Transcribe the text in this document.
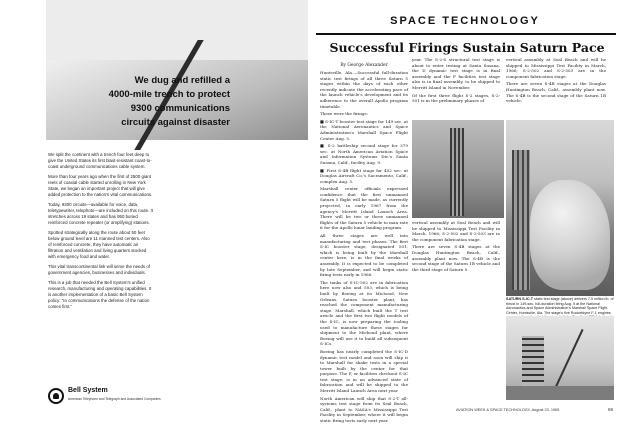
We dug and refilled a
4000-mile trench to protect
9300 communications
circuits against disaster

We split the continent with a trench four feet deep to give the United States its first blast-resistant coast-to-coast underground communications cable system.

More than four years ago when the first of 2500 giant reels of coaxial cable started unrolling in New York State, we began an important project that will give added protection to the nation's vital communications.

Today, 9300 circuits—available for voice, data, teletypewriter, telephoto—are included on this route. It stretches across 19 states and has 950 buried reinforced concrete repeater (or amplifying) stations.

Spotted strategically along the route about 50 feet below ground level are 11 manned test centers. Also of reinforced concrete, they have automatic air filtration and ventilation and living quarters stocked with emergency food and water.

This vital transcontinental link will serve the needs of government agencies, businesses and individuals.

This is a job that needed the Bell System's unified research, manufacturing and operating capabilities. It is another implementation of a basic Bell System policy: "In communications the defense of the nation comes first."

Bell System
American Telephone and Telegraph and Associated Companies
SPACE TECHNOLOGY
Successful Firings Sustain Saturn Pace
By George Alexander

Huntsville, Ala.—Successful full-duration static test firings of all three Saturn 5 stages within the days of each other recently indicate the accelerating pace of the launch vehicle's development and its adherence to the overall Apollo program timetable.

These were the firings:

■ S-IC-T booster test stage for 149 sec. at the National Aeronautics and Space Administration's Marshall Space Flight Center Aug. 5.

■ S-2 battleship second stage for 379 sec. at North American Aviation Space and Information Systems Div.'s Santa Susana, Calif., facility Aug. 9.

■ First S-4B flight stage for 452 sec. at Douglas Aircraft Co.'s Sacramento, Calif., complex Aug. 5.

Marshall center officials expressed confidence that the first unmanned Saturn 5 flight will be made, as currently projected, in early 1967 from the agency's Merritt Island Launch Area. There will be two or three unmanned flights of the Saturn 5 vehicle to man rate it for the Apollo lunar landing program.

All three stages are well into manufacturing and test phases. The first S-IC booster stage, designated 501, which is being built by the Marshall center here, is in the final weeks of assembly. It is expected to be completed by late September, and will begin static firing tests early in 1966.

The tanks of S-IC-502 are in fabrication here now also and 503, which is being built by Boeing at its Michoud, New Orleans, Saturn booster plant, has reached the component manufacturing stage. Marshall, which built the T test article and the first two flight models of the S-IC, is now preparing the tooling used to manufacture these stages for shipment to the Michoud plant, where Boeing will use it to build all subsequent S-ICs.

Boeing has nearly completed the S-IC-D dynamic test model and soon will ship it to Marshall for shake tests in a special tower built by the center for that purpose. The F, or facilities checkout S-IC test stage, is in an advanced state of fabrication and will be shipped to the Merritt Island Launch Area next year.

North American will ship that S-2-T all-systems test stage from its Seal Beach, Calif., plant to NASA's Mississippi Test Facility in September, where it will begin static firing tests early next year.

year. The S-2-S structural test stage is about to enter testing at Santa Susana, the D dynamic test stage is in final assembly and the F facilities test stage also is in final assembly, to be shipped to Merritt Island in November.

Of the first three flight S-2 stages, S-2-501 is in the preliminary phases of

vertical assembly at Seal Beach and will be shipped to Mississippi Test Facility in March, 1966; S-2-502 and S-2-503 are in the component fabrication stage.

There are seven S-4B stages at the Douglas Huntington Beach, Calif., assembly plant now. The S-4B is the second stage of the Saturn 1B vehicle.

vertical assembly at Seal Beach and will be shipped to Mississippi Test Facility in March, 1966; S-2-502 and S-2-503 are in the component fabrication stage.

There are seven S-4B stages at the Douglas Huntington Beach, Calif., assembly plant now. The S-4B is the second stage of the Saturn 1B vehicle and the third stage of Saturn 5.

SATURN S-IC-T static test stage (above) delivers 7.5 million lb. of thrust in 149-sec. full-duration firing Aug. 5 at the National Aeronautics and Space Administration's Marshall Space Flight Center, Huntsville, Ala. The stage's five Rocketdyne F-1 engines
AVIATION WEEK & SPACE TECHNOLOGY, August 23, 1965	69
